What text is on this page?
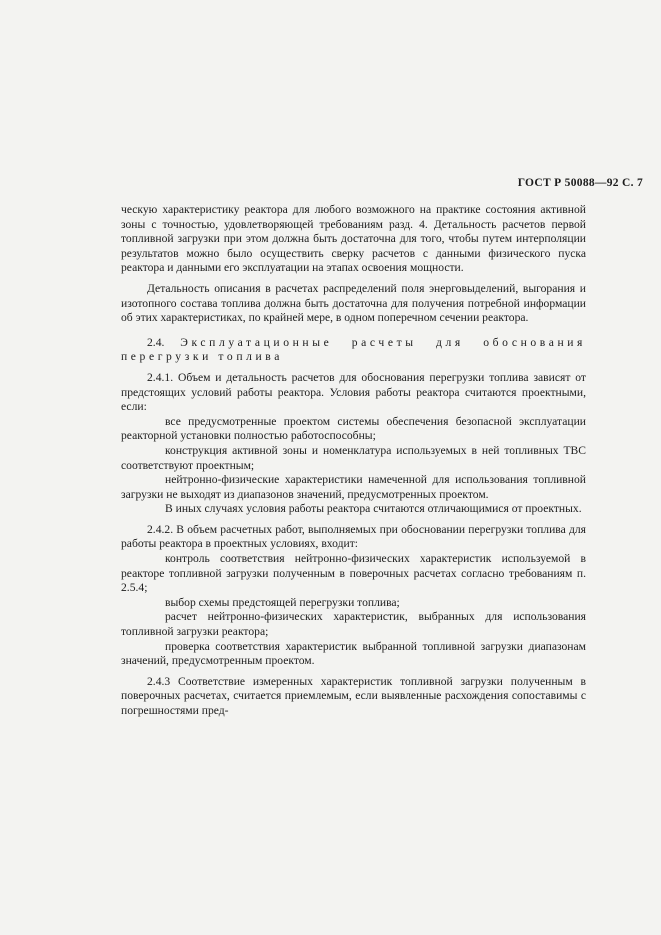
ГОСТ Р 50088—92 С. 7

ческую характеристику реактора для любого возможного на практике состояния активной зоны с точностью, удовлетворяющей требованиям разд. 4. Детальность расчетов первой топливной загрузки при этом должна быть достаточна для того, чтобы путем интерполяции результатов можно было осуществить сверку расчетов с данными физического пуска реактора и данными его эксплуатации на этапах освоения мощности.

Детальность описания в расчетах распределений поля энерговыделений, выгорания и изотопного состава топлива должна быть достаточна для получения потребной информации об этих характеристиках, по крайней мере, в одном поперечном сечении реактора.

2.4. Эксплуатационные расчеты для обоснования перегрузки топлива

2.4.1. Объем и детальность расчетов для обоснования перегрузки топлива зависят от предстоящих условий работы реактора. Условия работы реактора считаются проектными, если:

все предусмотренные проектом системы обеспечения безопасной эксплуатации реакторной установки полностью работоспособны;

конструкция активной зоны и номенклатура используемых в ней топливных ТВС соответствуют проектным;

нейтронно-физические характеристики намеченной для использования топливной загрузки не выходят из диапазонов значений, предусмотренных проектом.

В иных случаях условия работы реактора считаются отличающимися от проектных.

2.4.2. В объем расчетных работ, выполняемых при обосновании перегрузки топлива для работы реактора в проектных условиях, входит:

контроль соответствия нейтронно-физических характеристик используемой в реакторе топливной загрузки полученным в поверочных расчетах согласно требованиям п. 2.5.4;

выбор схемы предстоящей перегрузки топлива;

расчет нейтронно-физических характеристик, выбранных для использования топливной загрузки реактора;

проверка соответствия характеристик выбранной топливной загрузки диапазонам значений, предусмотренным проектом.

2.4.3 Соответствие измеренных характеристик топливной загрузки полученным в поверочных расчетах, считается приемлемым, если выявленные расхождения сопоставимы с погрешностями пред-
